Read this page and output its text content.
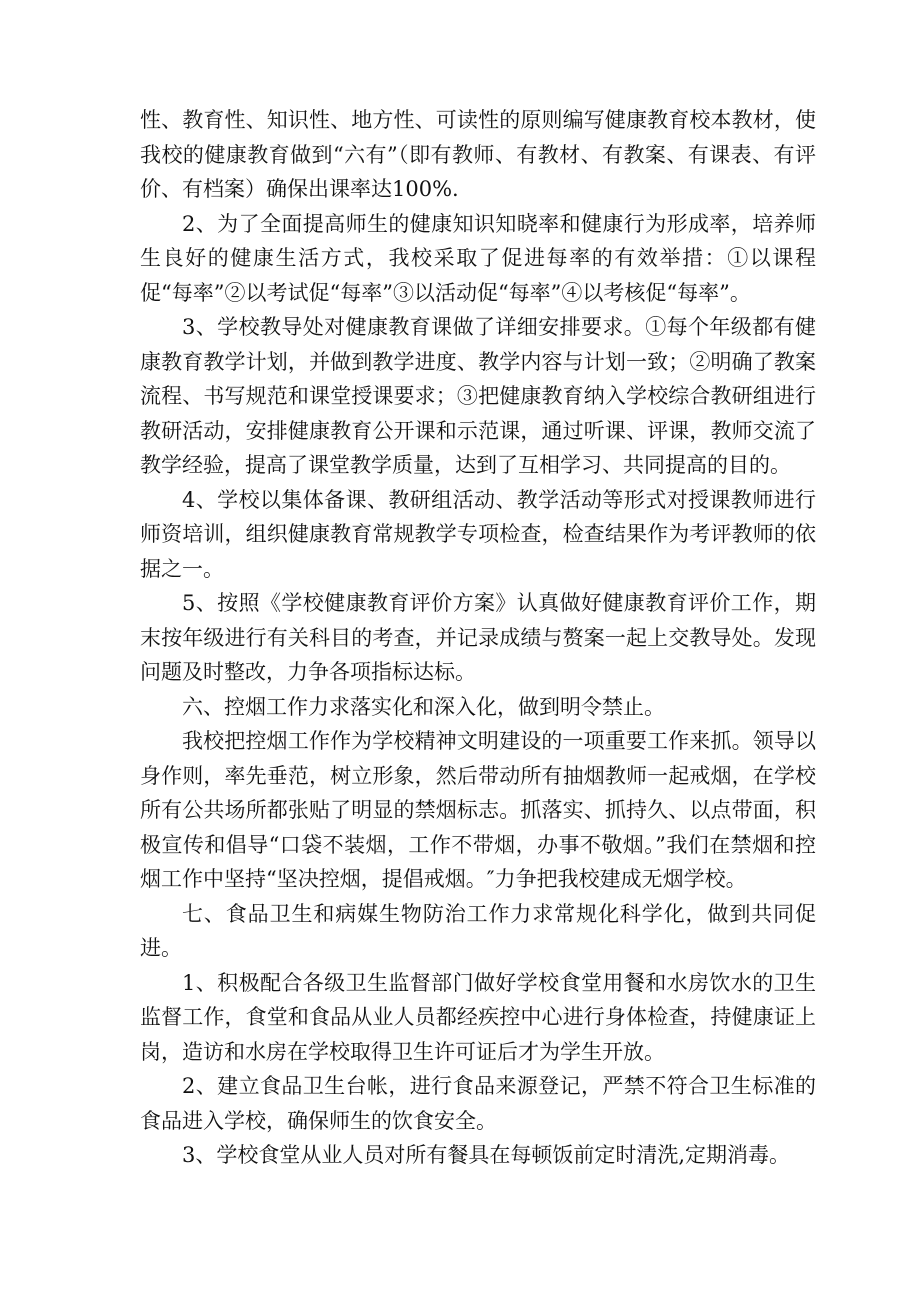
性、教育性、知识性、地方性、可读性的原则编写健康教育校本教材，使我校的健康教育做到“六有”（即有教师、有教材、有教案、有课表、有评价、有档案）确保出课率达100%.

2、为了全面提高师生的健康知识知晓率和健康行为形成率，培养师生良好的健康生活方式，我校采取了促进每率的有效举措：①以课程促“每率”②以考试促“每率”③以活动促“每率”④以考核促“每率”。

3、学校教导处对健康教育课做了详细安排要求。①每个年级都有健康教育教学计划，并做到教学进度、教学内容与计划一致；②明确了教案流程、书写规范和课堂授课要求；③把健康教育纳入学校综合教研组进行教研活动，安排健康教育公开课和示范课，通过听课、评课，教师交流了教学经验，提高了课堂教学质量，达到了互相学习、共同提高的目的。

4、学校以集体备课、教研组活动、教学活动等形式对授课教师进行师资培训，组织健康教育常规教学专项检查，检查结果作为考评教师的依据之一。

5、按照《学校健康教育评价方案》认真做好健康教育评价工作，期末按年级进行有关科目的考查，并记录成绩与赘案一起上交教导处。发现问题及时整改，力争各项指标达标。

六、控烟工作力求落实化和深入化，做到明令禁止。

我校把控烟工作作为学校精神文明建设的一项重要工作来抓。领导以身作则，率先垂范，树立形象，然后带动所有抽烟教师一起戒烟，在学校所有公共场所都张贴了明显的禁烟标志。抓落实、抓持久、以点带面，积极宣传和倡导“口袋不装烟，工作不带烟，办事不敬烟。”我们在禁烟和控烟工作中坚持“坚决控烟，提倡戒烟。″力争把我校建成无烟学校。

七、食品卫生和病媒生物防治工作力求常规化科学化，做到共同促进。

1、积极配合各级卫生监督部门做好学校食堂用餐和水房饮水的卫生监督工作，食堂和食品从业人员都经疾控中心进行身体检查，持健康证上岗，造访和水房在学校取得卫生许可证后才为学生开放。

2、建立食品卫生台帐，进行食品来源登记，严禁不符合卫生标准的食品进入学校，确保师生的饮食安全。

3、学校食堂从业人员对所有餐具在每顿饭前定时清洗,定期消毒。
